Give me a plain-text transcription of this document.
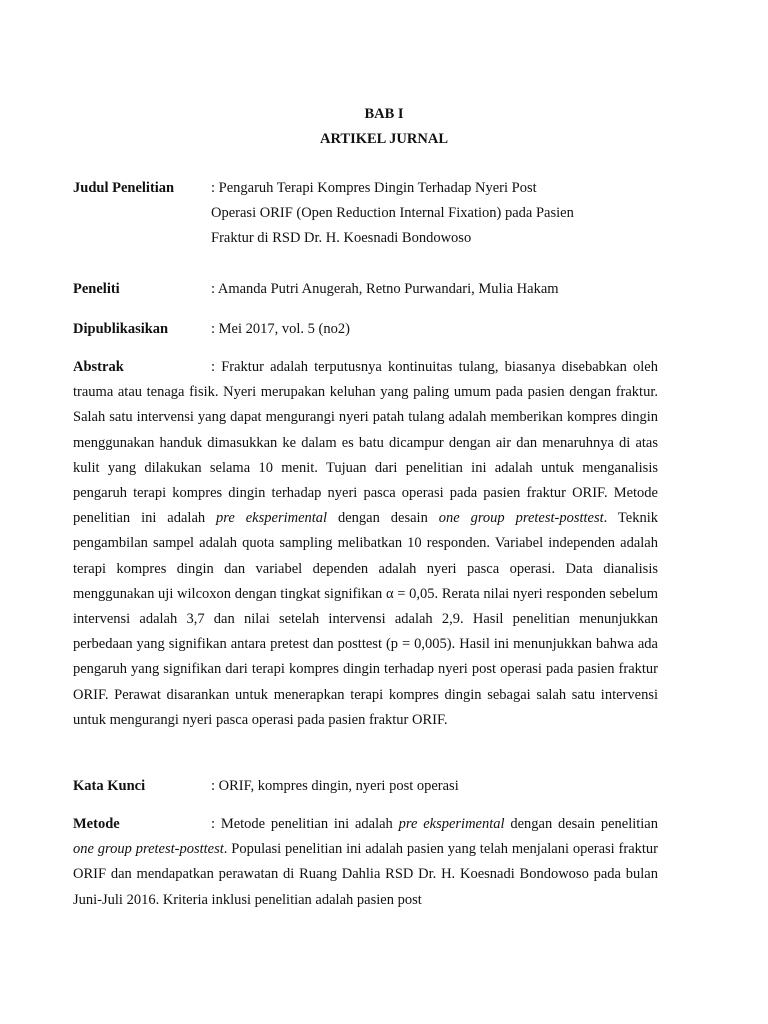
BAB I
ARTIKEL JURNAL
Judul Penelitian	: Pengaruh Terapi Kompres Dingin Terhadap Nyeri Post
Operasi ORIF (Open Reduction Internal Fixation) pada Pasien
Fraktur di RSD Dr. H. Koesnadi Bondowoso
Peneliti	: Amanda Putri Anugerah, Retno Purwandari, Mulia Hakam
Dipublikasikan	: Mei 2017, vol. 5 (no2)
Abstrak	: Fraktur adalah terputusnya kontinuitas tulang, biasanya disebabkan oleh trauma atau tenaga fisik. Nyeri merupakan keluhan yang paling umum pada pasien dengan fraktur. Salah satu intervensi yang dapat mengurangi nyeri patah tulang adalah memberikan kompres dingin menggunakan handuk dimasukkan ke dalam es batu dicampur dengan air dan menaruhnya di atas kulit yang dilakukan selama 10 menit. Tujuan dari penelitian ini adalah untuk menganalisis pengaruh terapi kompres dingin terhadap nyeri pasca operasi pada pasien fraktur ORIF. Metode penelitian ini adalah pre eksperimental dengan desain one group pretest-posttest. Teknik pengambilan sampel adalah quota sampling melibatkan 10 responden. Variabel independen adalah terapi kompres dingin dan variabel dependen adalah nyeri pasca operasi. Data dianalisis menggunakan uji wilcoxon dengan tingkat signifikan α = 0,05. Rerata nilai nyeri responden sebelum intervensi adalah 3,7 dan nilai setelah intervensi adalah 2,9. Hasil penelitian menunjukkan perbedaan yang signifikan antara pretest dan posttest (p = 0,005). Hasil ini menunjukkan bahwa ada pengaruh yang signifikan dari terapi kompres dingin terhadap nyeri post operasi pada pasien fraktur ORIF. Perawat disarankan untuk menerapkan terapi kompres dingin sebagai salah satu intervensi untuk mengurangi nyeri pasca operasi pada pasien fraktur ORIF.
Kata Kunci	: ORIF, kompres dingin, nyeri post operasi
Metode	: Metode penelitian ini adalah pre eksperimental dengan desain penelitian one group pretest-posttest. Populasi penelitian ini adalah pasien yang telah menjalani operasi fraktur ORIF dan mendapatkan perawatan di Ruang Dahlia RSD Dr. H. Koesnadi Bondowoso pada bulan Juni-Juli 2016. Kriteria inklusi penelitian adalah pasien post
